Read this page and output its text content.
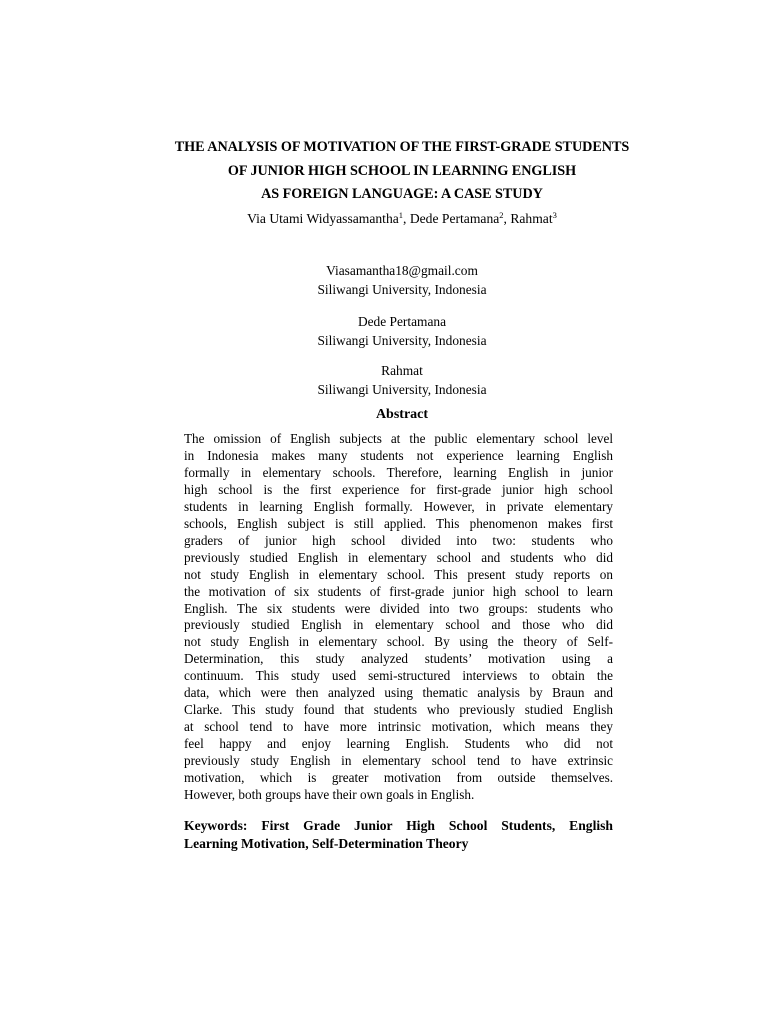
THE ANALYSIS OF MOTIVATION OF THE FIRST-GRADE STUDENTS
OF JUNIOR HIGH SCHOOL IN LEARNING ENGLISH
AS FOREIGN LANGUAGE: A CASE STUDY
Via Utami Widyassamantha$^1$, Dede Pertamana$^2$, Rahmat$^3$
Viasamantha18@gmail.com
Siliwangi University, Indonesia
Dede Pertamana
Siliwangi University, Indonesia
Rahmat
Siliwangi University, Indonesia
Abstract
The omission of English subjects at the public elementary school level
in Indonesia makes many students not experience learning English
formally in elementary schools. Therefore, learning English in junior
high school is the first experience for first-grade junior high school
students in learning English formally. However, in private elementary
schools, English subject is still applied. This phenomenon makes first
graders of junior high school divided into two: students who
previously studied English in elementary school and students who did
not study English in elementary school. This present study reports on
the motivation of six students of first-grade junior high school to learn
English. The six students were divided into two groups: students who
previously studied English in elementary school and those who did
not study English in elementary school. By using the theory of Self-
Determination, this study analyzed students’ motivation using a
continuum. This study used semi-structured interviews to obtain the
data, which were then analyzed using thematic analysis by Braun and
Clarke. This study found that students who previously studied English
at school tend to have more intrinsic motivation, which means they
feel happy and enjoy learning English. Students who did not
previously study English in elementary school tend to have extrinsic
motivation, which is greater motivation from outside themselves.
However, both groups have their own goals in English.
Keywords: First Grade Junior High School Students, English
Learning Motivation, Self-Determination Theory
